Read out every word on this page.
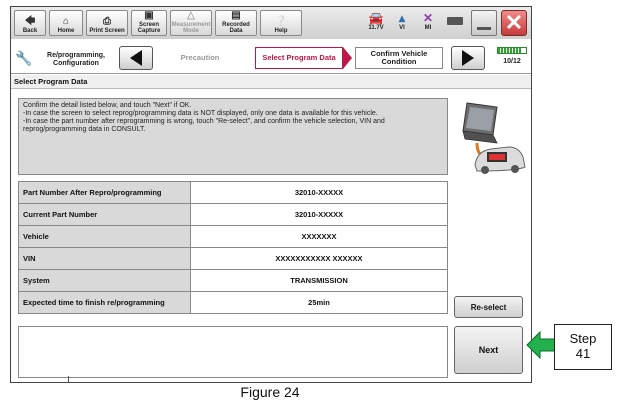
🡄
Back
⌂
Home
⎙
Print Screen
▣
Screen Capture
△
Measurement Mode
▤
Recorded Data
❔
Help
🚘
11.7V
▴
VI
✕
MI	✕
🔧	Re/programming, Configuration
Precaution	Select Program Data	Confirm Vehicle Condition	10/12
Select Program Data

Confirm the detail listed below, and touch "Next" if OK.

-In case the screen to select reprog/programming data is NOT displayed, only one data is available for this vehicle.

-In case the part number after reprogramming is wrong, touch "Re-select", and confirm the vehicle selection, VIN and reprog/programming data in CONSULT.

Part Number After Repro/programming	32010-XXXXX
Current Part Number	32010-XXXXX
Vehicle	XXXXXXX
VIN	XXXXXXXXXXX XXXXXX
System	TRANSMISSION
Expected time to finish re/programming	25min	Re-select
Next
Step
41
Figure 24
